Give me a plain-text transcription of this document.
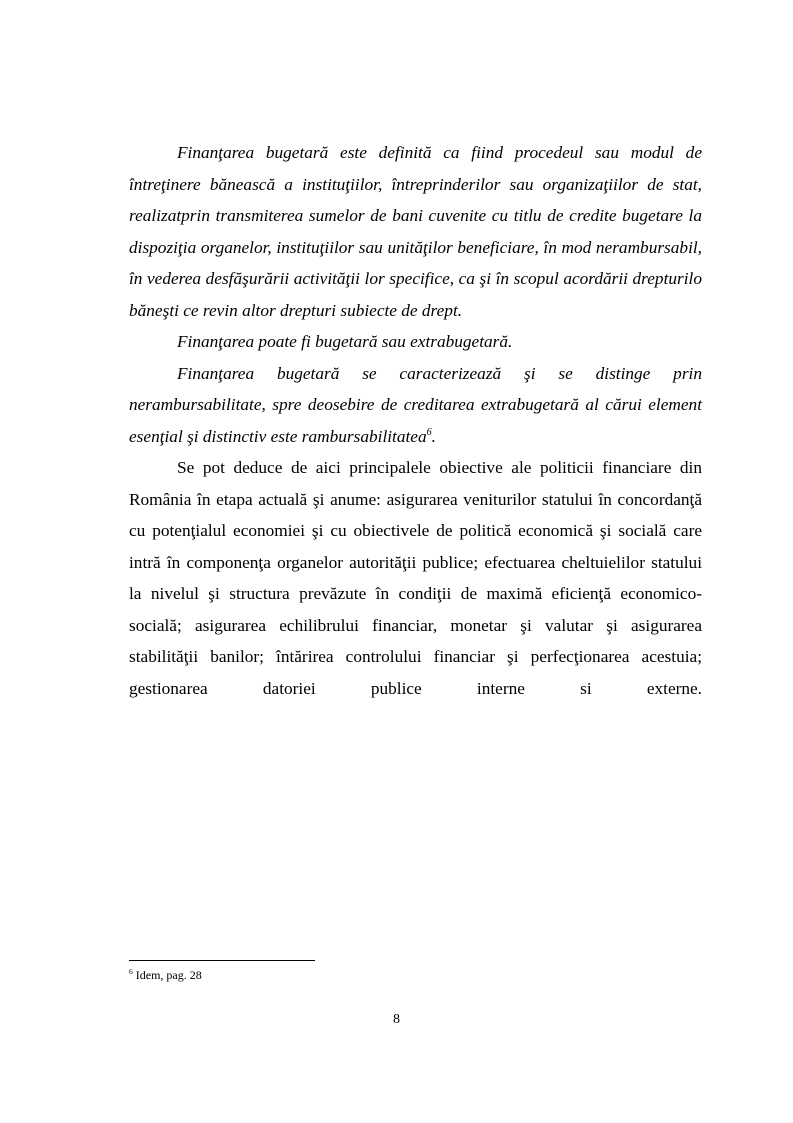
Finanţarea bugetară este definită ca fiind procedeul sau modul de întreţinere bănească a instituţiilor, întreprinderilor sau organizaţiilor de stat, realizatprin transmiterea sumelor de bani cuvenite cu titlu de credite bugetare la dispoziţia organelor, instituţiilor sau unităţilor beneficiare, în mod nerambursabil, în vederea desfăşurării activităţii lor specifice, ca şi în scopul acordării drepturilo băneşti ce revin altor drepturi subiecte de drept.

Finanţarea poate fi bugetară sau extrabugetară.

Finanţarea bugetară se caracterizează şi se distinge prin nerambursabilitate, spre deosebire de creditarea extrabugetară al cărui element esenţial şi distinctiv este rambursabilitatea$^6$.

Se pot deduce de aici principalele obiective ale politicii financiare din România în etapa actuală şi anume: asigurarea veniturilor statului în concordanţă cu potenţialul economiei şi cu obiectivele de politică economică şi socială care intră în componenţa organelor autorităţii publice; efectuarea cheltuielilor statului la nivelul şi structura prevăzute în condiţii de maximă eficienţă economico-socială; asigurarea echilibrului financiar, monetar şi valutar şi asigurarea stabilităţii banilor; întărirea controlului financiar şi perfecţionarea acestuia; gestionarea datoriei publice interne si externe.

$^6$ Idem, pag. 28
8
